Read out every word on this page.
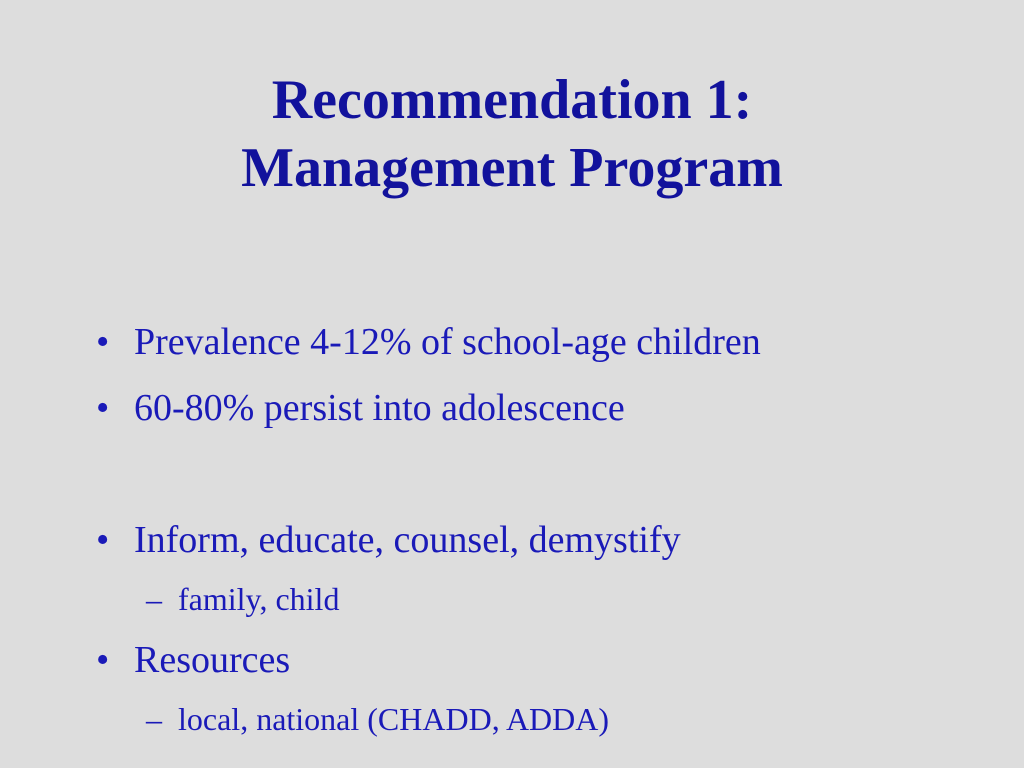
Recommendation 1:
Management Program
• Prevalence 4-12% of school-age children
• 60-80% persist into adolescence
• Inform, educate, counsel, demystify
– family, child
• Resources
– local, national (CHADD, ADDA)
